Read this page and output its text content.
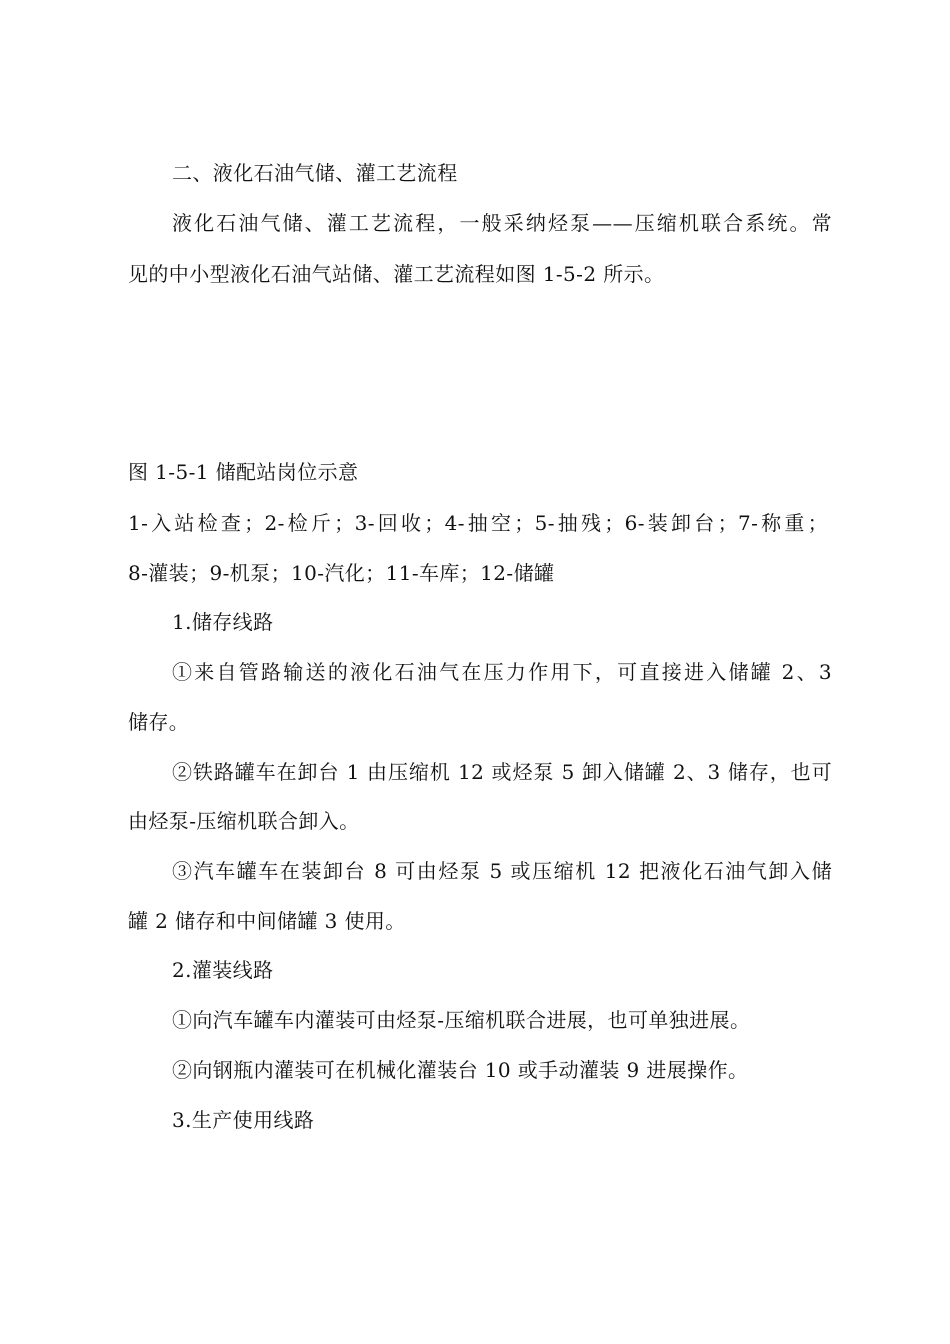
二、液化石油气储、灌工艺流程
液化石油气储、灌工艺流程，一般采纳烃泵——压缩机联合系统。常
见的中小型液化石油气站储、灌工艺流程如图 1-5-2 所示。
图 1-5-1 储配站岗位示意
1-入站检查；2-检斤；3-回收；4-抽空；5-抽残；6-装卸台；7-称重；
8-灌装；9-机泵；10-汽化；11-车库；12-储罐
1.储存线路
①来自管路输送的液化石油气在压力作用下，可直接进入储罐 2、3
储存。
②铁路罐车在卸台 1 由压缩机 12 或烃泵 5 卸入储罐 2、3 储存，也可
由烃泵-压缩机联合卸入。
③汽车罐车在装卸台 8 可由烃泵 5 或压缩机 12 把液化石油气卸入储
罐 2 储存和中间储罐 3 使用。
2.灌装线路
①向汽车罐车内灌装可由烃泵-压缩机联合进展，也可单独进展。
②向钢瓶内灌装可在机械化灌装台 10 或手动灌装 9 进展操作。
3.生产使用线路
